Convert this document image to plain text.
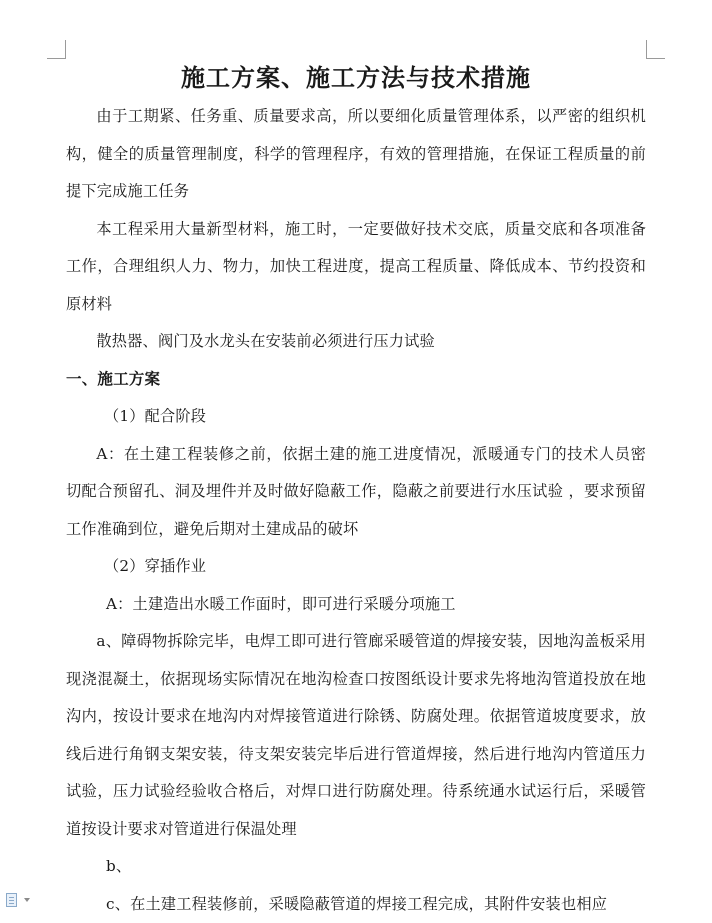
施工方案、施工方法与技术措施

由于工期紧、任务重、质量要求高，所以要细化质量管理体系，以严密的组织机构，健全的质量管理制度，科学的管理程序，有效的管理措施，在保证工程质量的前提下完成施工任务

本工程采用大量新型材料，施工时，一定要做好技术交底，质量交底和各项准备工作，合理组织人力、物力，加快工程进度，提高工程质量、降低成本、节约投资和原材料

散热器、阀门及水龙头在安装前必须进行压力试验

一、施工方案
（1）配合阶段

A：在土建工程装修之前，依据土建的施工进度情况，派暖通专门的技术人员密切配合预留孔、洞及埋件并及时做好隐蔽工作，隐蔽之前要进行水压试验 ，要求预留工作准确到位，避免后期对土建成品的破坏

（2）穿插作业
A：土建造出水暖工作面时，即可进行采暖分项施工

a、障碍物拆除完毕，电焊工即可进行管廊采暖管道的焊接安装，因地沟盖板采用现浇混凝土，依据现场实际情况在地沟检查口按图纸设计要求先将地沟管道投放在地沟内，按设计要求在地沟内对焊接管道进行除锈、防腐处理。依据管道坡度要求，放线后进行角钢支架安装，待支架安装完毕后进行管道焊接，然后进行地沟内管道压力试验，压力试验经验收合格后，对焊口进行防腐处理。待系统通水试运行后，采暖管道按设计要求对管道进行保温处理

b、
c、在土建工程装修前，采暖隐蔽管道的焊接工程完成，其附件安装也相应
